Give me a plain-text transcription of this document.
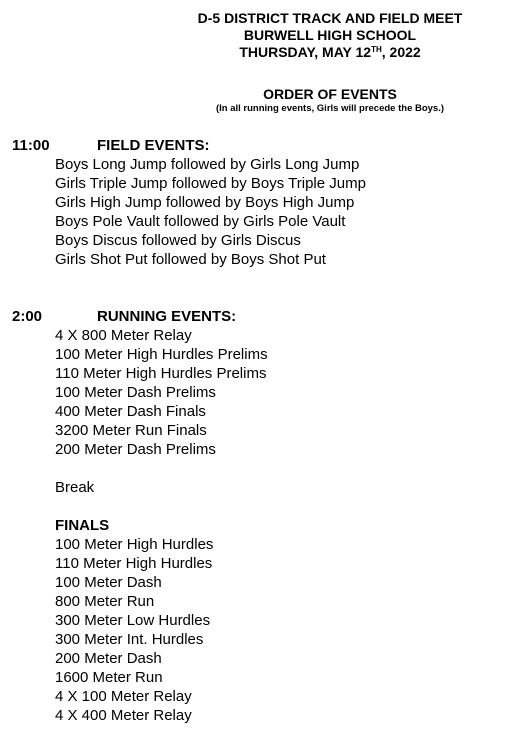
D-5 DISTRICT TRACK AND FIELD MEET
BURWELL HIGH SCHOOL
THURSDAY, MAY 12TH, 2022
ORDER OF EVENTS
(In all running events, Girls will precede the Boys.)
11:00	FIELD EVENTS:
Boys Long Jump followed by Girls Long Jump
Girls Triple Jump followed by Boys Triple Jump
Girls High Jump followed by Boys High Jump
Boys Pole Vault followed by Girls Pole Vault
Boys Discus followed by Girls Discus
Girls Shot Put followed by Boys Shot Put
2:00	RUNNING EVENTS:
4 X 800 Meter Relay
100 Meter High Hurdles Prelims
110 Meter High Hurdles Prelims
100 Meter Dash Prelims
400 Meter Dash Finals
3200 Meter Run Finals
200 Meter Dash Prelims
Break
FINALS
100 Meter High Hurdles
110 Meter High Hurdles
100 Meter Dash
800 Meter Run
300 Meter Low Hurdles
300 Meter Int. Hurdles
200 Meter Dash
1600 Meter Run
4 X 100 Meter Relay
4 X 400 Meter Relay
